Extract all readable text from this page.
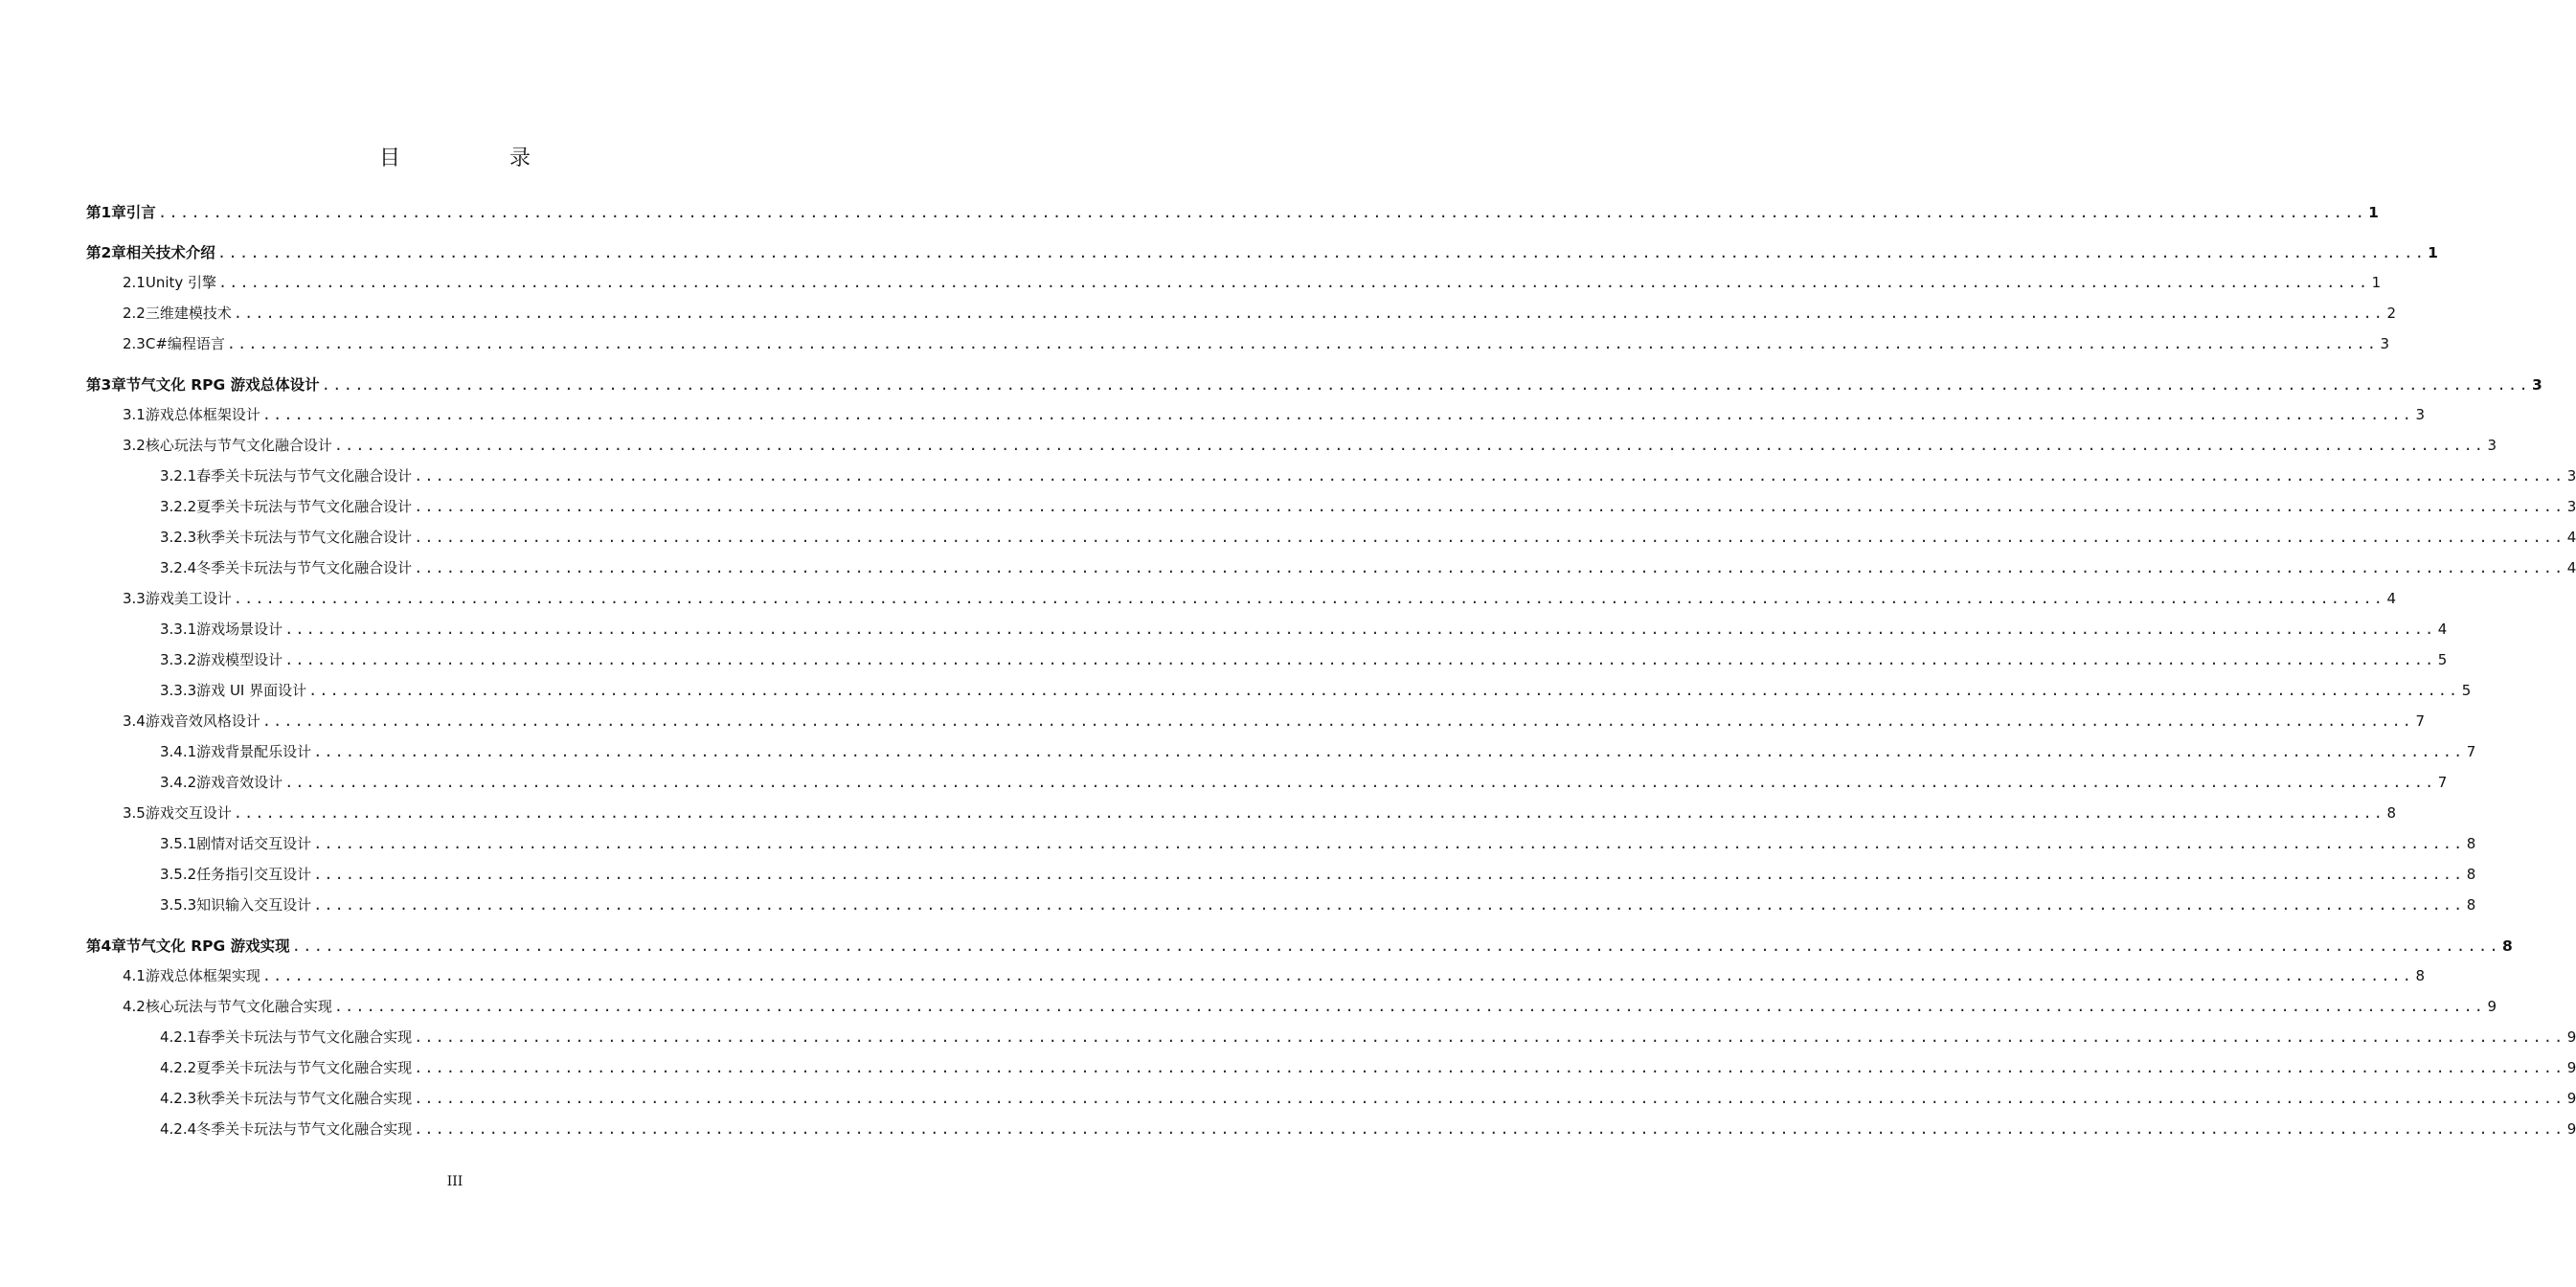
目　录
第1章 引言 ........................................................................................................................................................................................................ 1
第2章 相关技术介绍 ........................................................................................................................................................................................................ 1
2.1 Unity 引擎 ........................................................................................................................................................................................................ 1
2.2 三维建模技术 ........................................................................................................................................................................................................ 2
2.3 C#编程语言 ........................................................................................................................................................................................................ 3
第3章 节气文化 RPG 游戏总体设计 ........................................................................................................................................................................................................ 3
3.1 游戏总体框架设计 ........................................................................................................................................................................................................ 3
3.2 核心玩法与节气文化融合设计 ........................................................................................................................................................................................................ 3
3.2.1 春季关卡玩法与节气文化融合设计 ........................................................................................................................................................................................................ 3
3.2.2 夏季关卡玩法与节气文化融合设计 ........................................................................................................................................................................................................ 3
3.2.3 秋季关卡玩法与节气文化融合设计 ........................................................................................................................................................................................................ 4
3.2.4 冬季关卡玩法与节气文化融合设计 ........................................................................................................................................................................................................ 4
3.3 游戏美工设计 ........................................................................................................................................................................................................ 4
3.3.1 游戏场景设计 ........................................................................................................................................................................................................ 4
3.3.2 游戏模型设计 ........................................................................................................................................................................................................ 5
3.3.3 游戏 UI 界面设计 ........................................................................................................................................................................................................ 5
3.4 游戏音效风格设计 ........................................................................................................................................................................................................ 7
3.4.1 游戏背景配乐设计 ........................................................................................................................................................................................................ 7
3.4.2 游戏音效设计 ........................................................................................................................................................................................................ 7
3.5 游戏交互设计 ........................................................................................................................................................................................................ 8
3.5.1 剧情对话交互设计 ........................................................................................................................................................................................................ 8
3.5.2 任务指引交互设计 ........................................................................................................................................................................................................ 8
3.5.3 知识输入交互设计 ........................................................................................................................................................................................................ 8
第4章 节气文化 RPG 游戏实现 ........................................................................................................................................................................................................ 8
4.1 游戏总体框架实现 ........................................................................................................................................................................................................ 8
4.2 核心玩法与节气文化融合实现 ........................................................................................................................................................................................................ 9
4.2.1 春季关卡玩法与节气文化融合实现 ........................................................................................................................................................................................................ 9
4.2.2 夏季关卡玩法与节气文化融合实现 ........................................................................................................................................................................................................ 9
4.2.3 秋季关卡玩法与节气文化融合实现 ........................................................................................................................................................................................................ 9
4.2.4 冬季关卡玩法与节气文化融合实现 ........................................................................................................................................................................................................ 9
III
